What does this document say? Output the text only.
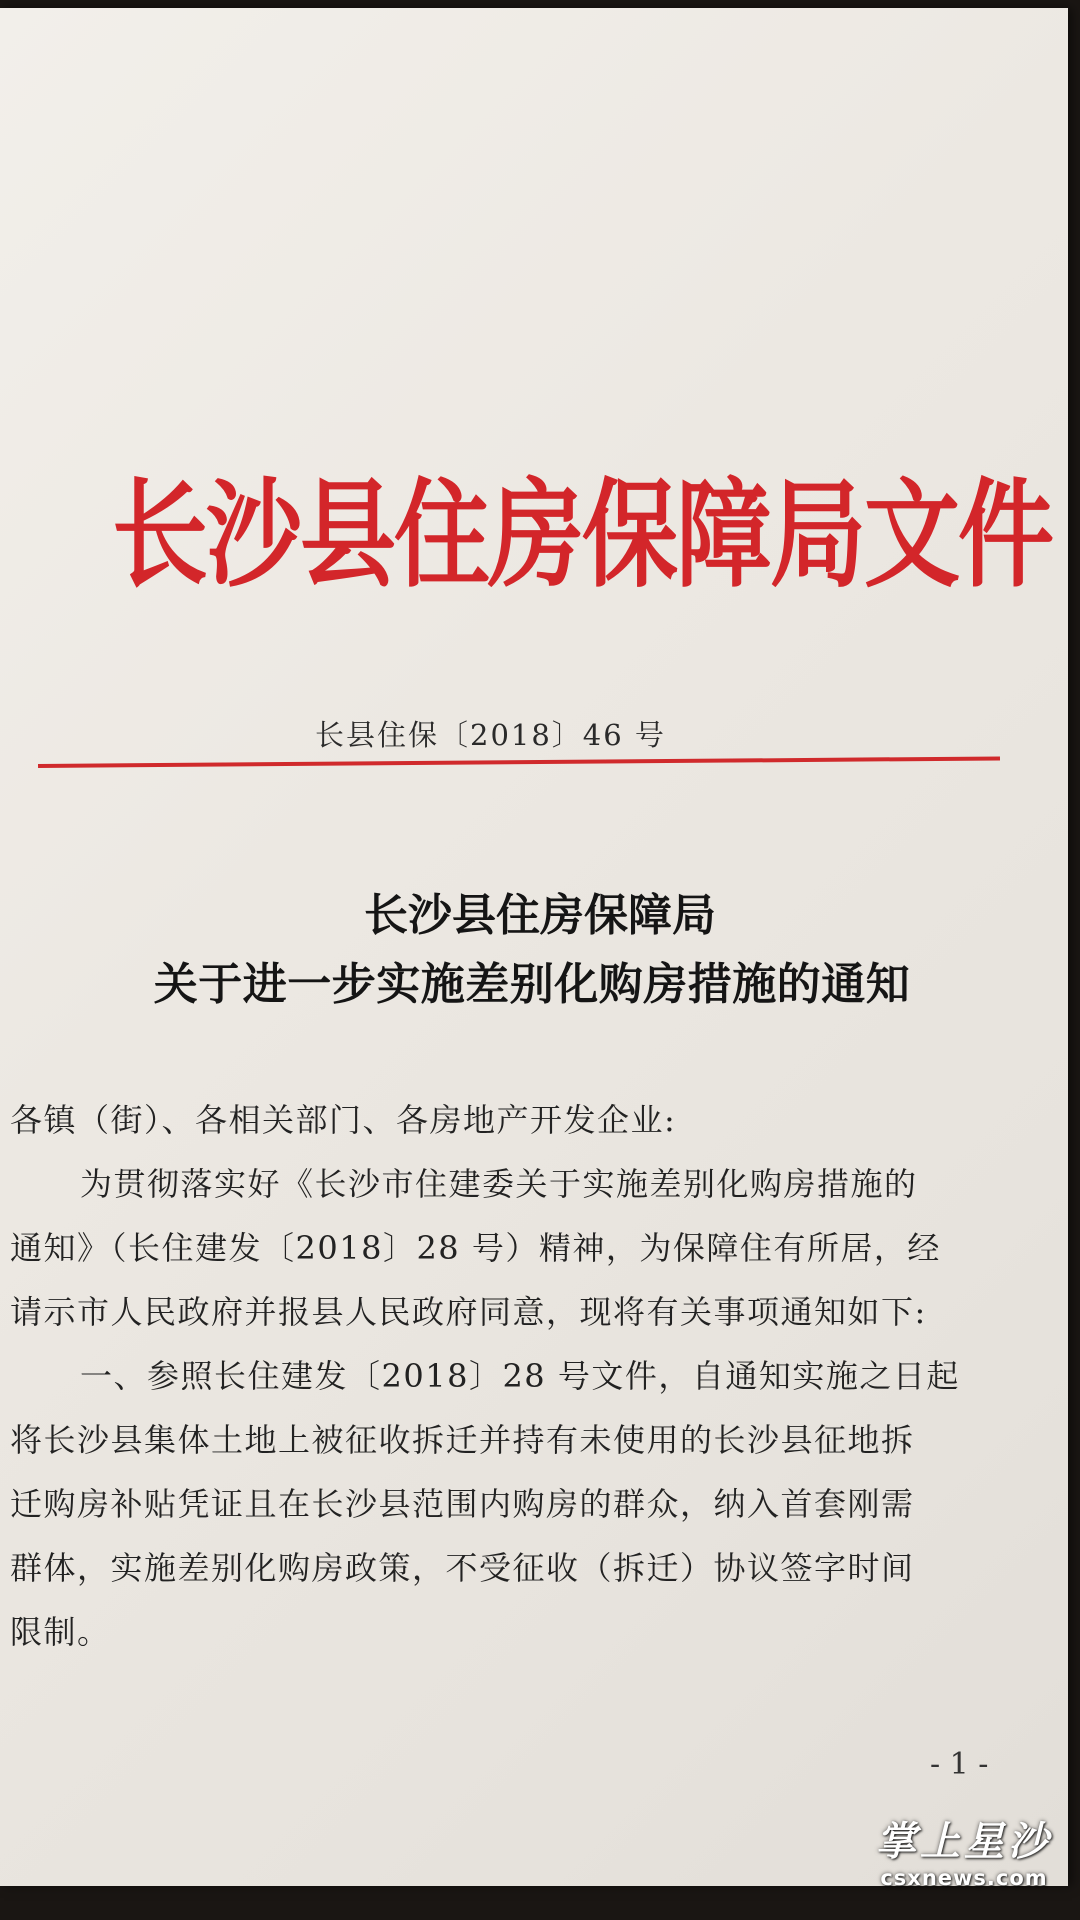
长沙县住房保障局文件

长县住保〔2018〕46 号

长沙县住房保障局
关于进一步实施差别化购房措施的通知
各镇（街）、各相关部门、各房地产开发企业:
为贯彻落实好《长沙市住建委关于实施差别化购房措施的
通知》（长住建发〔2018〕28 号）精神，为保障住有所居，经
请示市人民政府并报县人民政府同意，现将有关事项通知如下:
一、参照长住建发〔2018〕28 号文件，自通知实施之日起
将长沙县集体土地上被征收拆迁并持有未使用的长沙县征地拆
迁购房补贴凭证且在长沙县范围内购房的群众，纳入首套刚需
群体，实施差别化购房政策，不受征收（拆迁）协议签字时间
限制。

- 1 -

掌上星沙
csxnews.com
